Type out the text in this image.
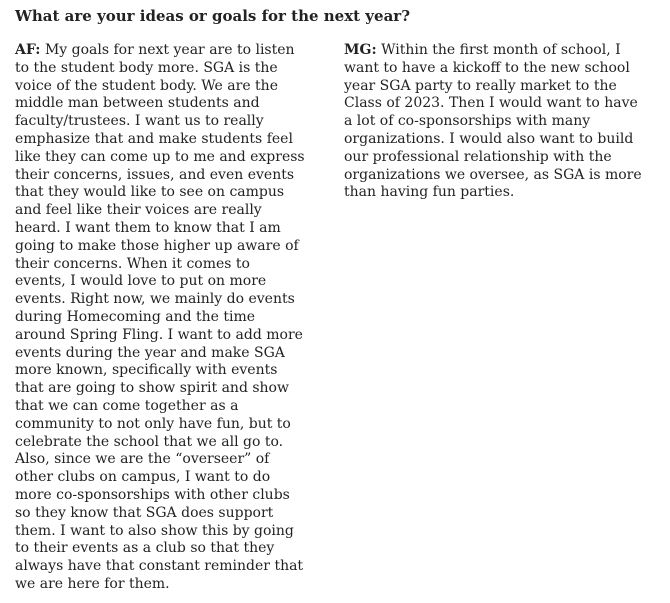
What are your ideas or goals for the next year?

AF: My goals for next year are to listen to the student body more. SGA is the voice of the student body. We are the middle man between students and faculty/trustees. I want us to really emphasize that and make students feel like they can come up to me and express their concerns, issues, and even events that they would like to see on campus and feel like their voices are really heard. I want them to know that I am going to make those higher up aware of their concerns. When it comes to events, I would love to put on more events. Right now, we mainly do events during Homecoming and the time around Spring Fling. I want to add more events during the year and make SGA more known, specifically with events that are going to show spirit and show that we can come together as a community to not only have fun, but to celebrate the school that we all go to. Also, since we are the “overseer” of other clubs on campus, I want to do more co-sponsorships with other clubs so they know that SGA does support them. I want to also show this by going to their events as a club so that they always have that constant reminder that we are here for them.

MG: Within the first month of school, I want to have a kickoff to the new school year SGA party to really market to the Class of 2023. Then I would want to have a lot of co-sponsorships with many organizations. I would also want to build our professional relationship with the organizations we oversee, as SGA is more than having fun parties.
